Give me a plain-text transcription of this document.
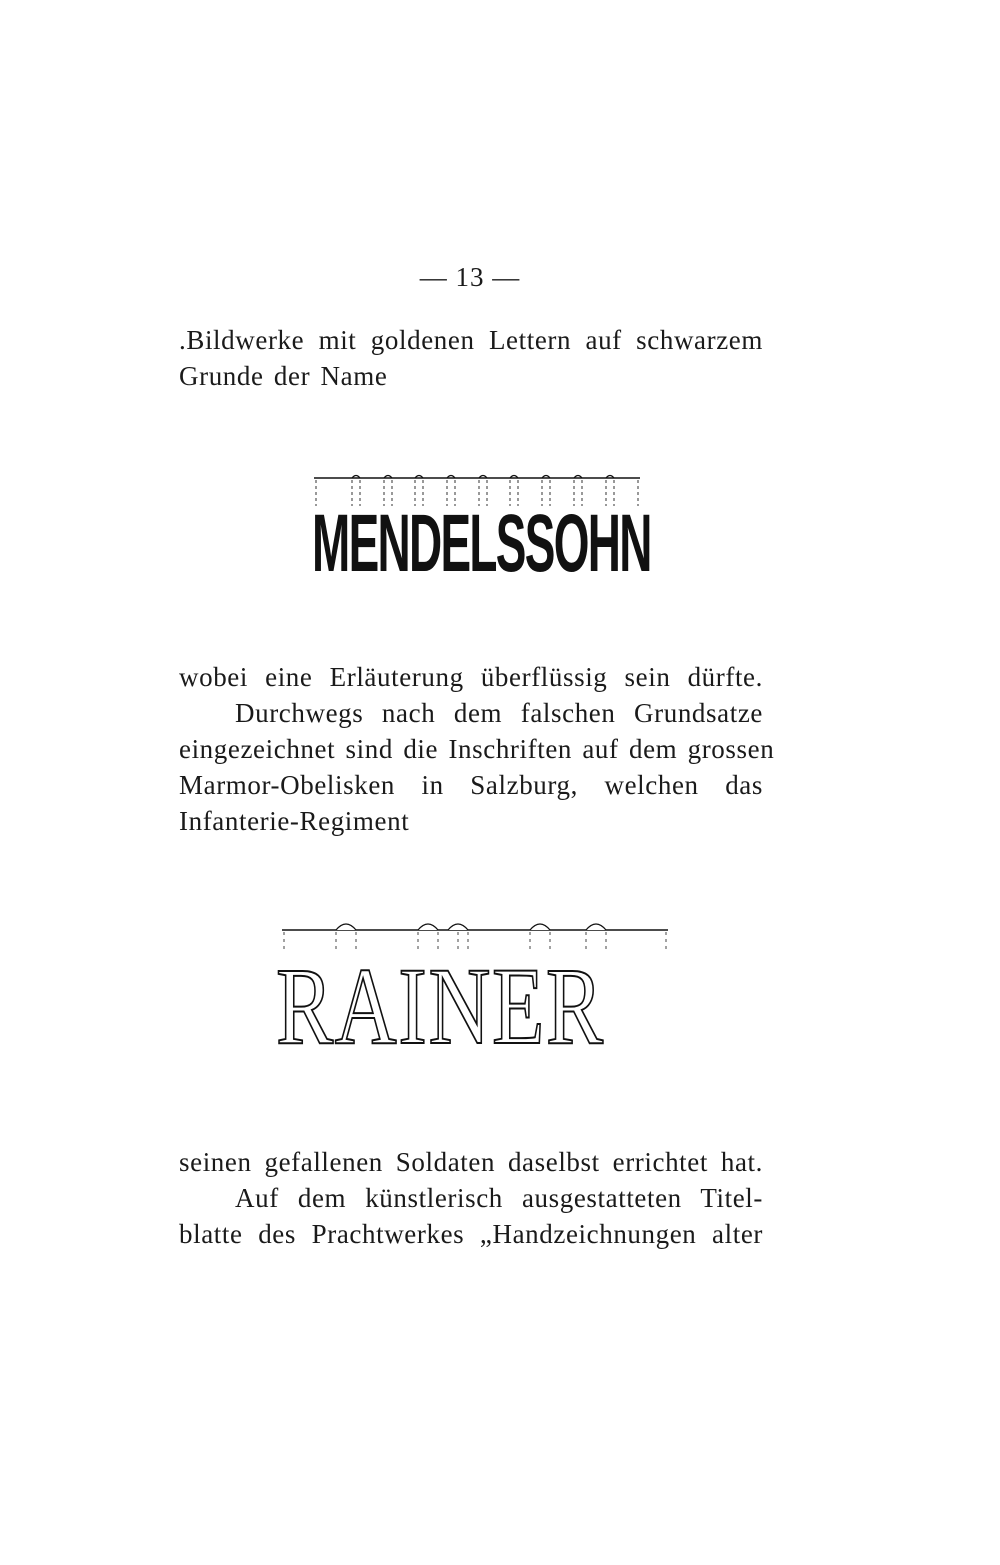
— 13 —
.Bildwerke mit goldenen Lettern auf schwarzem
Grunde der Name
MENDELSSOHN
wobei eine Erläuterung überflüssig sein dürfte.
Durchwegs nach dem falschen Grundsatze
eingezeichnet sind die Inschriften auf dem grossen
Marmor-Obelisken in Salzburg, welchen das
Infanterie-Regiment
RAINER
seinen gefallenen Soldaten daselbst errichtet hat.
Auf dem künstlerisch ausgestatteten Titel-
blatte des Prachtwerkes „Handzeichnungen alter
